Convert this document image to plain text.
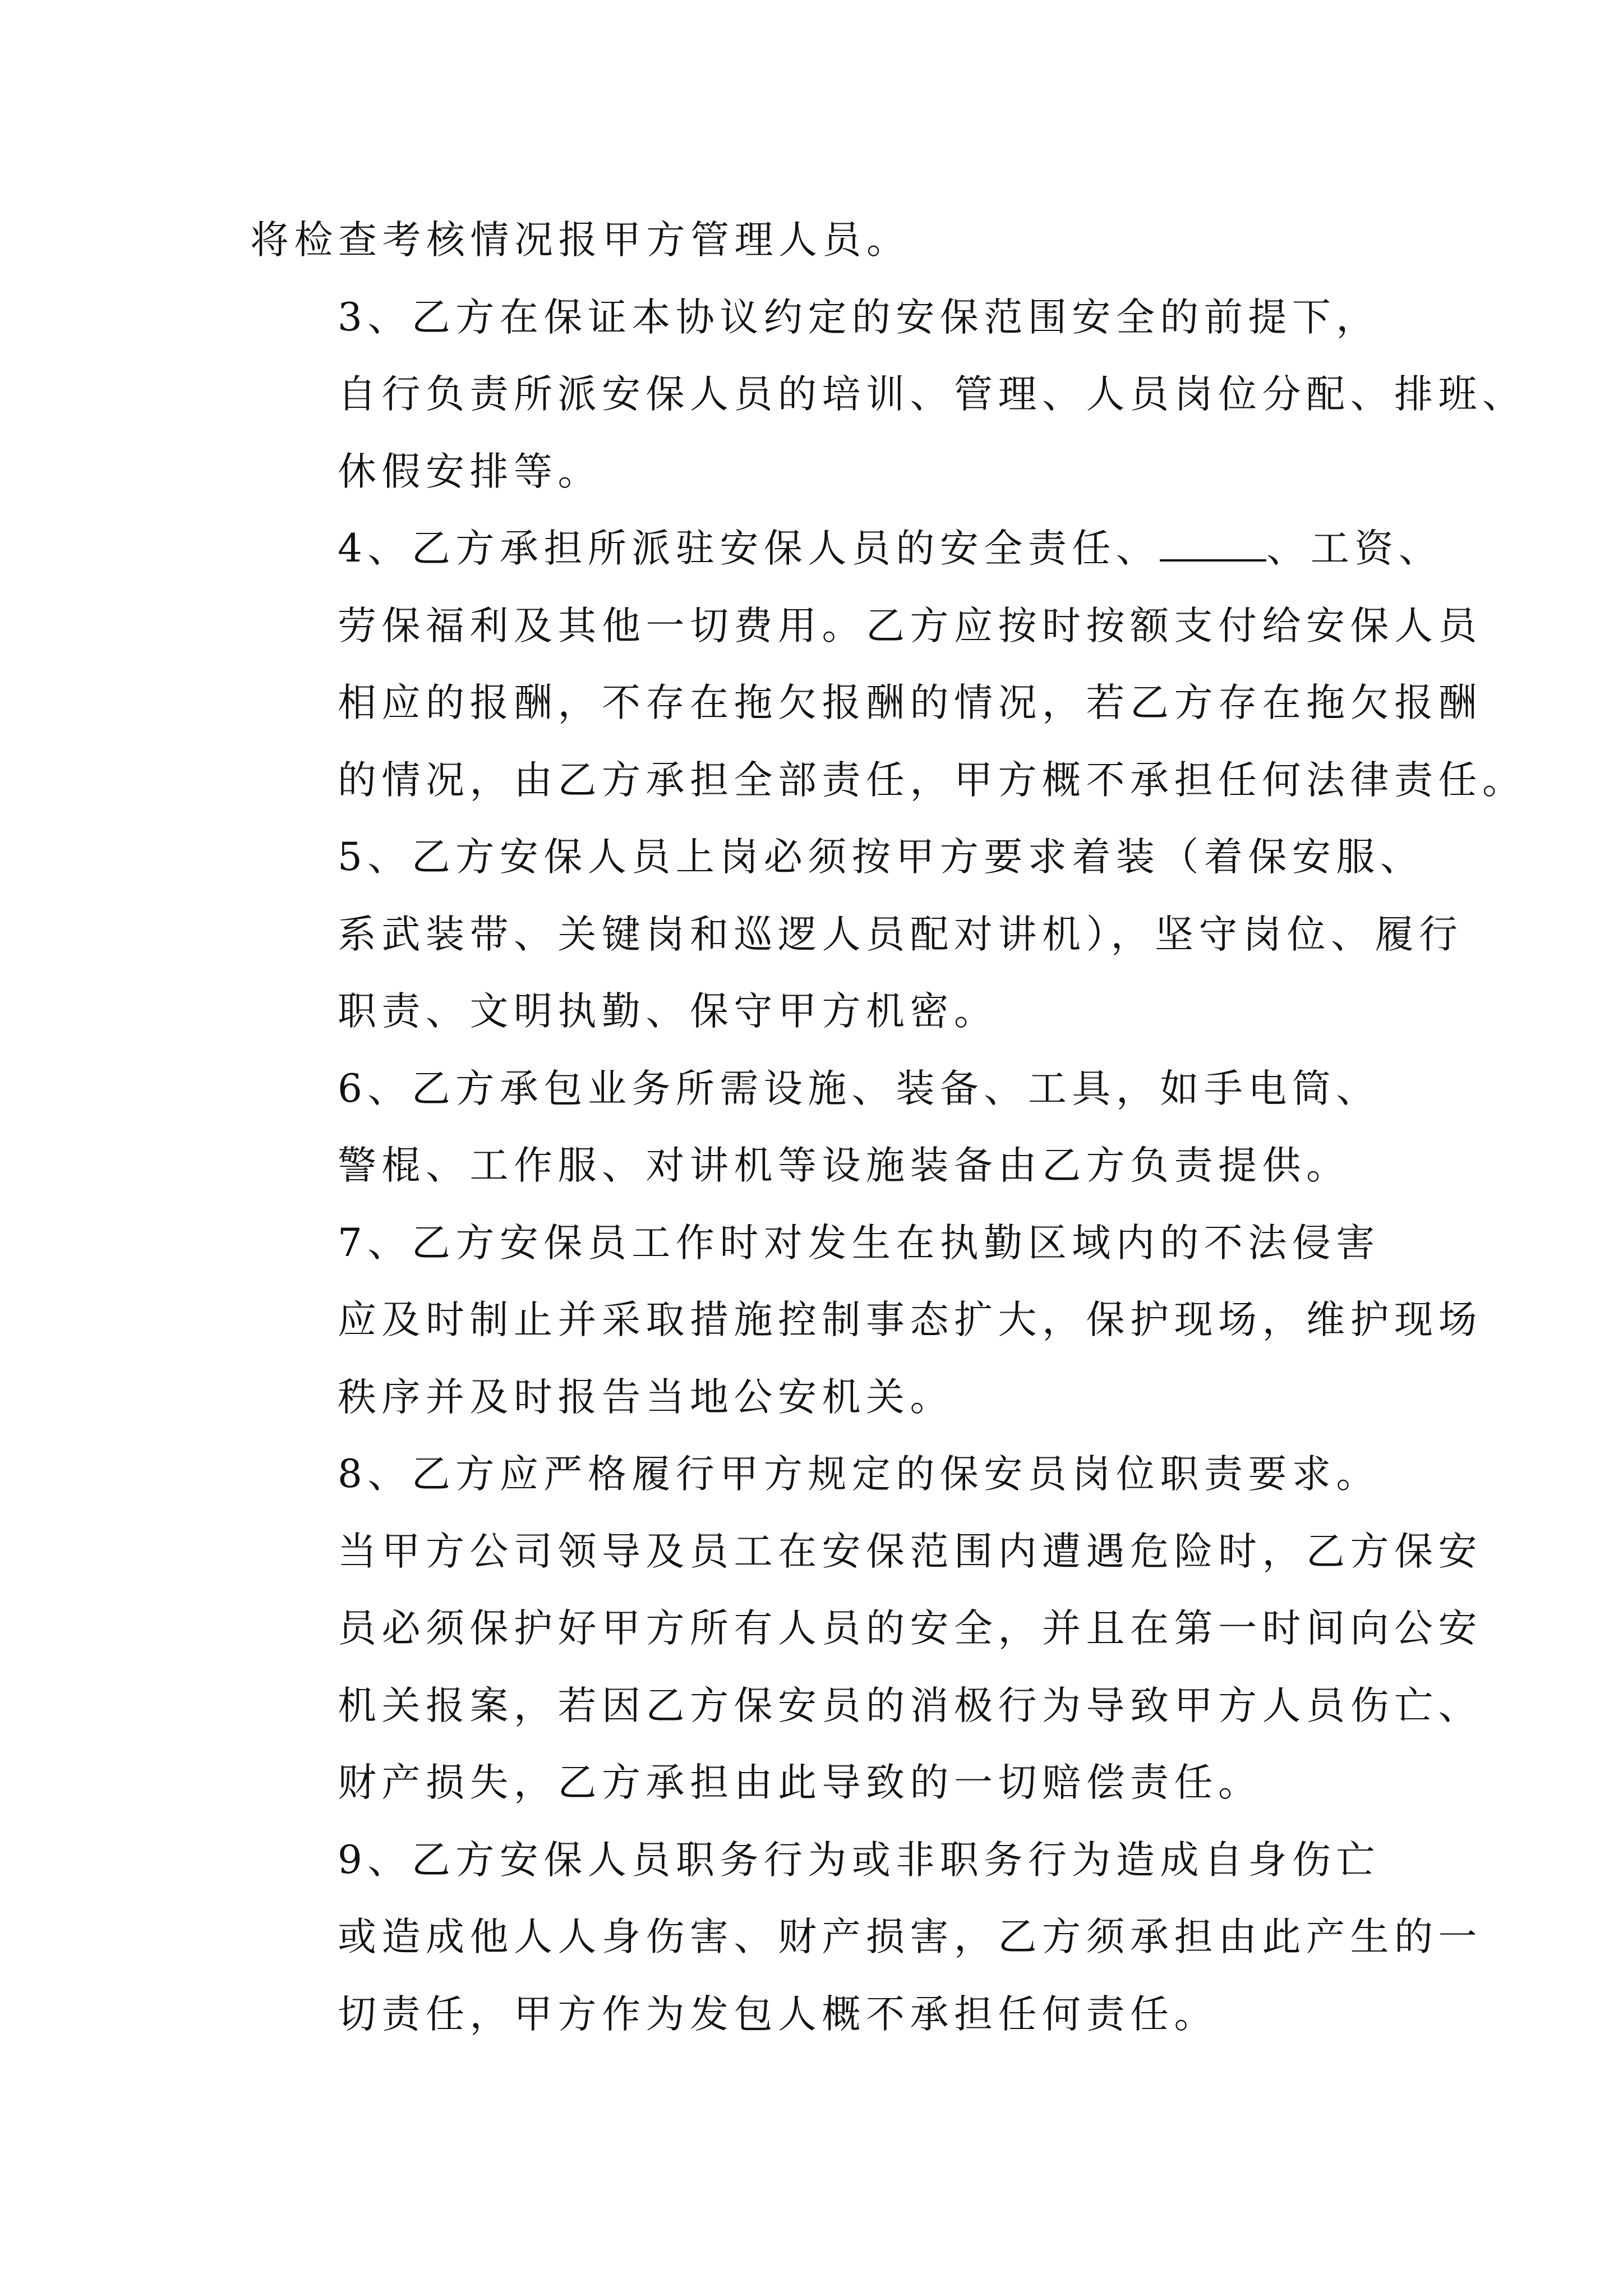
将检查考核情况报甲方管理人员。

3、乙方在保证本协议约定的安保范围安全的前提下，
自行负责所派安保人员的培训、管理、人员岗位分配、排班、
休假安排等。

4、乙方承担所派驻安保人员的安全责任、	、工资、
劳保福利及其他一切费用。乙方应按时按额支付给安保人员
相应的报酬，不存在拖欠报酬的情况，若乙方存在拖欠报酬
的情况，由乙方承担全部责任，甲方概不承担任何法律责任。

5、乙方安保人员上岗必须按甲方要求着装（着保安服、
系武装带、关键岗和巡逻人员配对讲机），坚守岗位、履行
职责、文明执勤、保守甲方机密。

6、乙方承包业务所需设施、装备、工具，如手电筒、
警棍、工作服、对讲机等设施装备由乙方负责提供。

7、乙方安保员工作时对发生在执勤区域内的不法侵害
应及时制止并采取措施控制事态扩大，保护现场，维护现场
秩序并及时报告当地公安机关。

8、乙方应严格履行甲方规定的保安员岗位职责要求。
当甲方公司领导及员工在安保范围内遭遇危险时，乙方保安
员必须保护好甲方所有人员的安全，并且在第一时间向公安
机关报案，若因乙方保安员的消极行为导致甲方人员伤亡、
财产损失，乙方承担由此导致的一切赔偿责任。

9、乙方安保人员职务行为或非职务行为造成自身伤亡
或造成他人人身伤害、财产损害，乙方须承担由此产生的一
切责任，甲方作为发包人概不承担任何责任。
